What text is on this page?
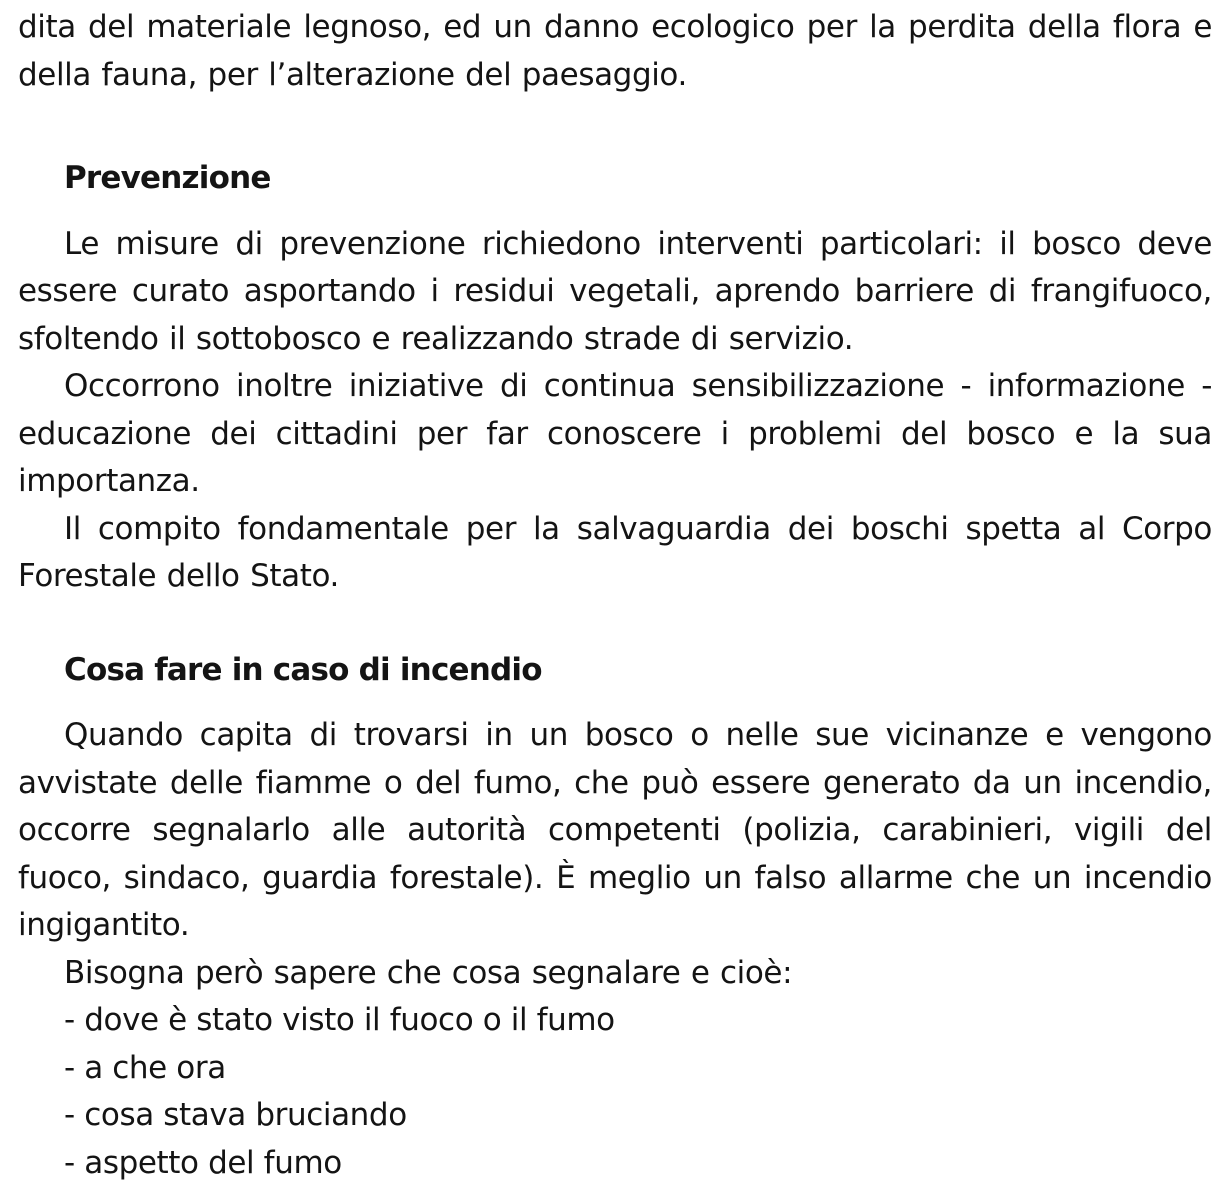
dita del materiale legnoso, ed un danno ecologico per la perdita della flora e della fauna, per l’alterazione del paesaggio.

Prevenzione

Le misure di prevenzione richiedono interventi particolari: il bosco deve essere curato asportando i residui vegetali, aprendo barriere di frangifuoco, sfoltendo il sottobosco e realizzando strade di servizio.

Occorrono inoltre iniziative di continua sensibilizzazione - informazione - educazione dei cittadini per far conoscere i problemi del bosco e la sua importanza.

Il compito fondamentale per la salvaguardia dei boschi spetta al Corpo Forestale dello Stato.

Cosa fare in caso di incendio

Quando capita di trovarsi in un bosco o nelle sue vicinanze e vengono avvistate delle fiamme o del fumo, che può essere generato da un incendio, occorre segnalarlo alle autorità competenti (polizia, carabinieri, vigili del fuoco, sindaco, guardia forestale). È meglio un falso allarme che un incendio ingigantito.

Bisogna però sapere che cosa segnalare e cioè:

- dove è stato visto il fuoco o il fumo
- a che ora
- cosa stava bruciando
- aspetto del fumo
